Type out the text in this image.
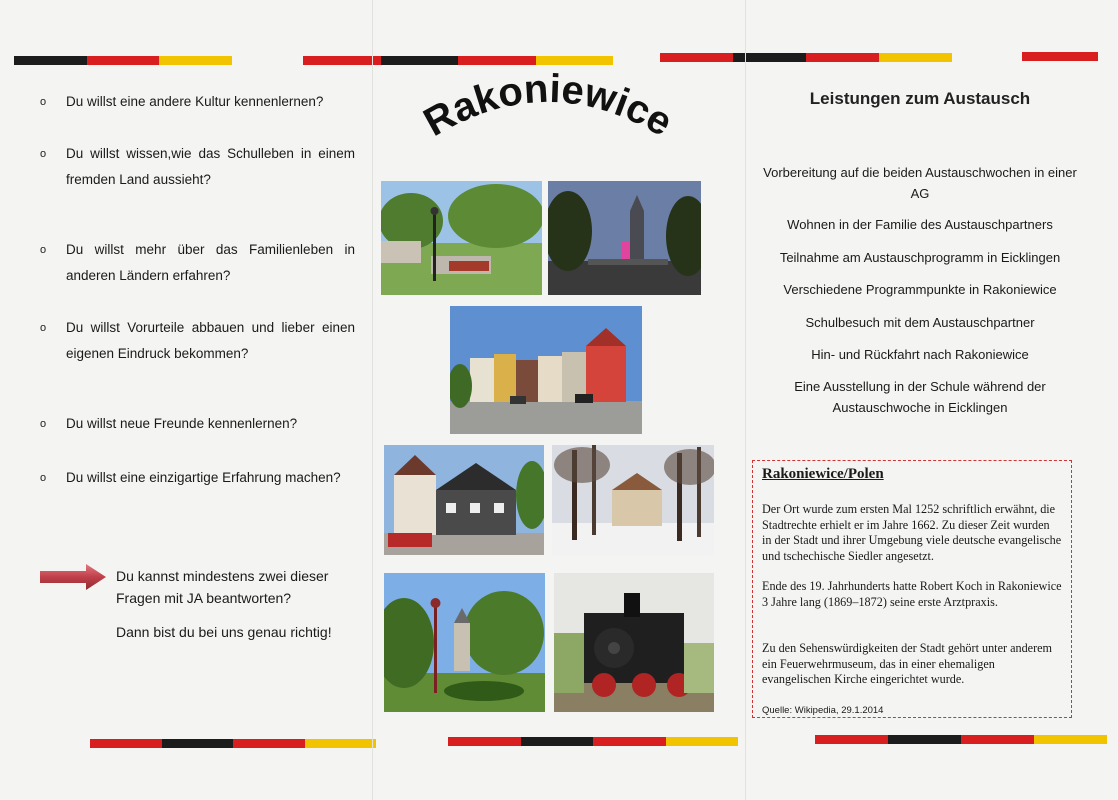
o	Du willst eine andere Kultur kennenlernen?
o	Du willst wissen,wie das Schulleben in einem fremden Land aussieht?
o	Du willst mehr über das Familienleben in anderen Ländern erfahren?
o	Du willst Vorurteile abbauen und lieber einen eigenen Eindruck bekommen?
o	Du willst neue Freunde kennenlernen?
o	Du willst eine einzigartige Erfahrung machen?
Du kannst mindestens zwei dieser Fragen mit JA beantworten?
Dann bist du bei uns genau richtig!
Rakoniewice	Leistungen zum Austausch
Vorbereitung auf die beiden Austauschwochen in einer AG
Wohnen in der Familie des Austauschpartners
Teilnahme am Austauschprogramm in Eicklingen
Verschiedene Programmpunkte in Rakoniewice
Schulbesuch mit dem Austauschpartner
Hin- und Rückfahrt nach Rakoniewice
Eine Ausstellung in der Schule während der Austauschwoche in Eicklingen
Rakoniewice/Polen
Der Ort wurde zum ersten Mal 1252 schriftlich erwähnt, die Stadtrechte erhielt er im Jahre 1662. Zu dieser Zeit wurden in der Stadt und ihrer Umgebung viele deutsche evangelische und tschechische Siedler angesetzt.
Ende des 19. Jahrhunderts hatte Robert Koch in Rakoniewice 3 Jahre lang (1869–1872) seine erste Arztpraxis.
Zu den Sehenswürdigkeiten der Stadt gehört unter anderem ein Feuerwehrmuseum, das in einer ehemaligen evangelischen Kirche eingerichtet wurde.
Quelle: Wikipedia, 29.1.2014
